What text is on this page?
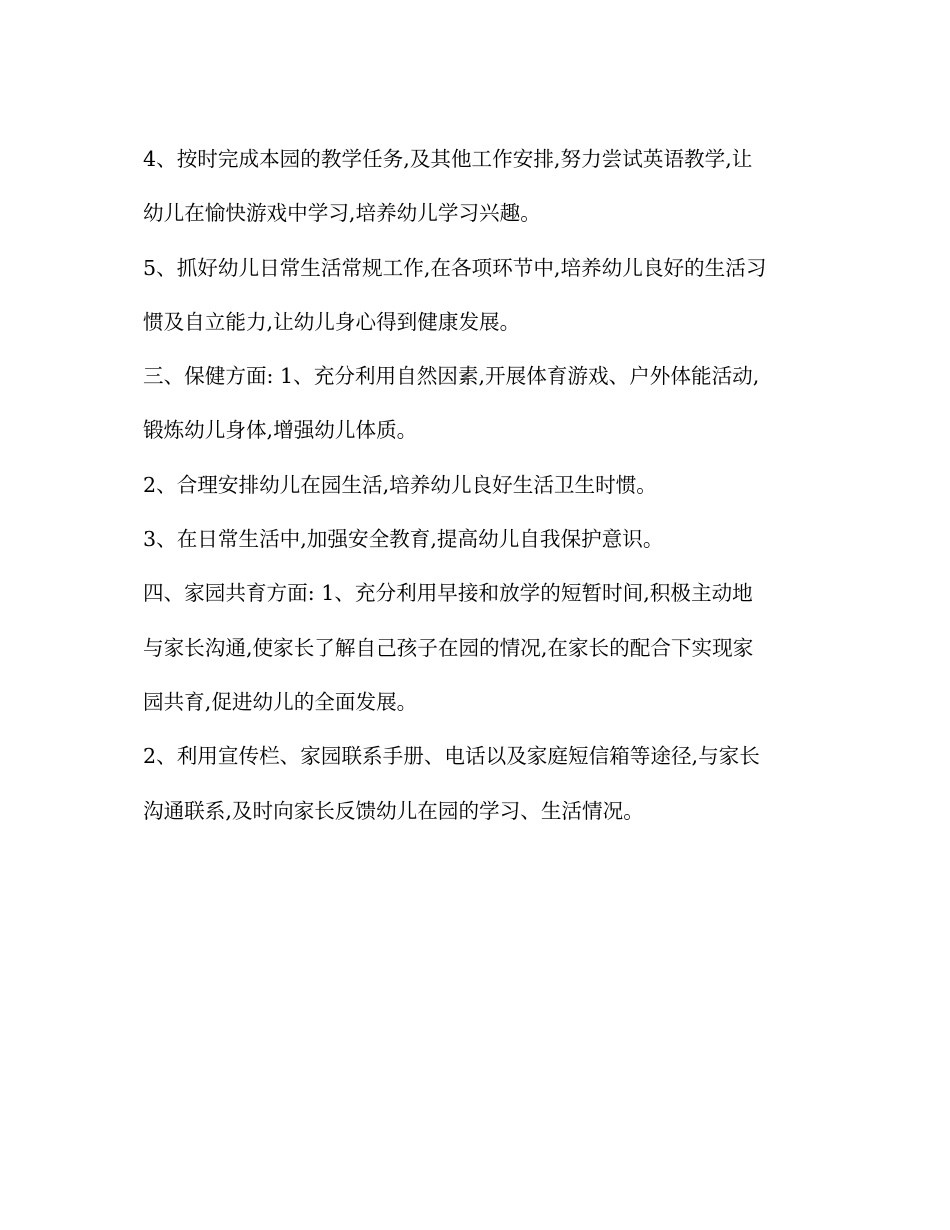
4、按时完成本园的教学任务,及其他工作安排,努力尝试英语教学,让
幼儿在愉快游戏中学习,培养幼儿学习兴趣。
5、抓好幼儿日常生活常规工作,在各项环节中,培养幼儿良好的生活习
惯及自立能力,让幼儿身心得到健康发展。
三、保健方面: 1、充分利用自然因素,开展体育游戏、户外体能活动,
锻炼幼儿身体,增强幼儿体质。
2、合理安排幼儿在园生活,培养幼儿良好生活卫生时惯。
3、在日常生活中,加强安全教育,提高幼儿自我保护意识。
四、家园共育方面: 1、充分利用早接和放学的短暂时间,积极主动地
与家长沟通,使家长了解自己孩子在园的情况,在家长的配合下实现家
园共育,促进幼儿的全面发展。
2、利用宣传栏、家园联系手册、电话以及家庭短信箱等途径,与家长
沟通联系,及时向家长反馈幼儿在园的学习、生活情况。
